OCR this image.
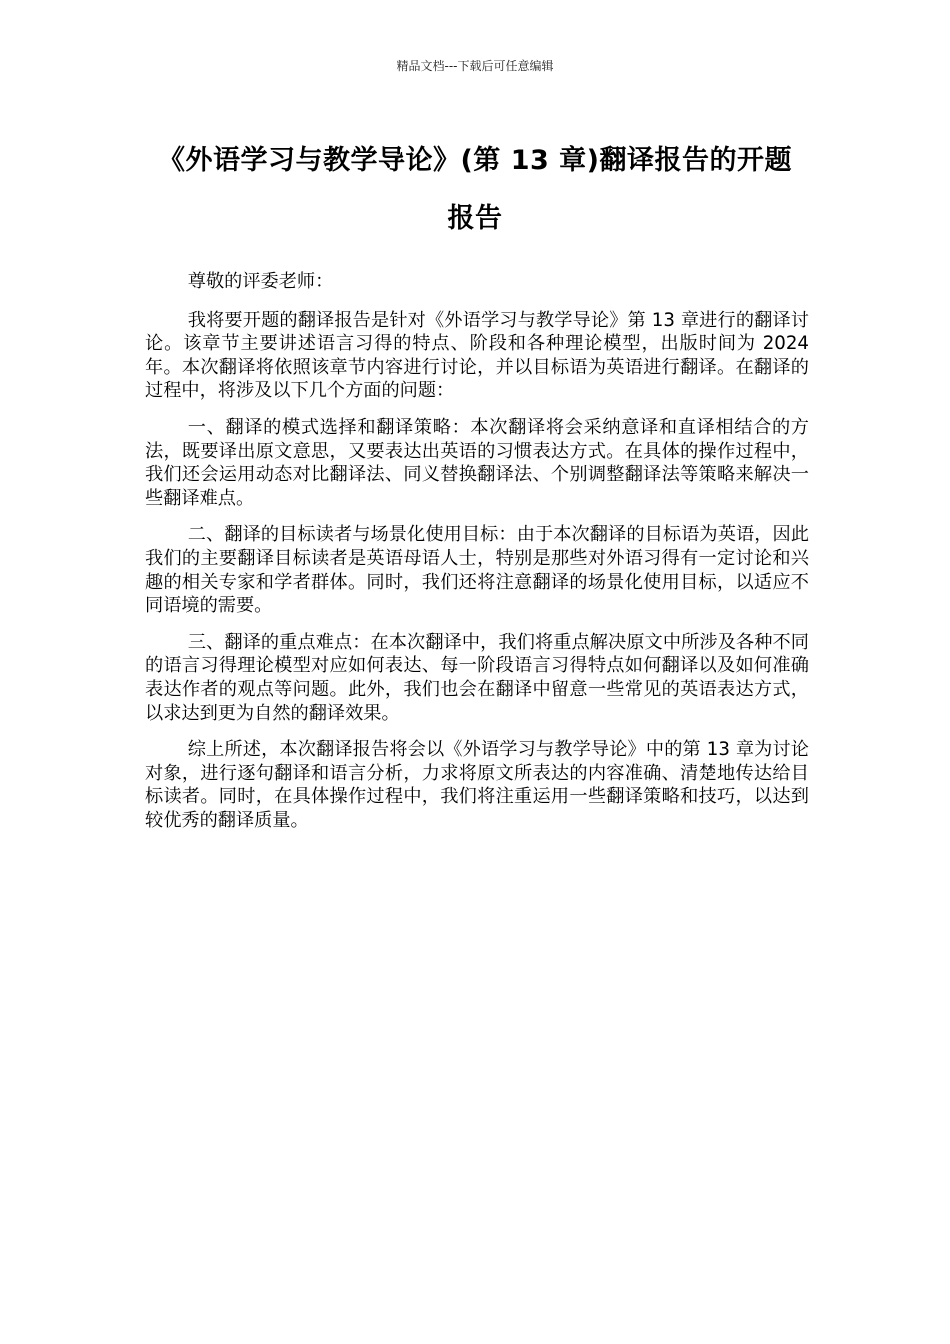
精品文档---下载后可任意编辑
《外语学习与教学导论》(第 13 章)翻译报告的开题报告

尊敬的评委老师：

我将要开题的翻译报告是针对《外语学习与教学导论》第 13 章进行的翻译讨论。该章节主要讲述语言习得的特点、阶段和各种理论模型，出版时间为 2024 年。本次翻译将依照该章节内容进行讨论，并以目标语为英语进行翻译。在翻译的过程中，将涉及以下几个方面的问题：

一、翻译的模式选择和翻译策略：本次翻译将会采纳意译和直译相结合的方法，既要译出原文意思，又要表达出英语的习惯表达方式。在具体的操作过程中，我们还会运用动态对比翻译法、同义替换翻译法、个别调整翻译法等策略来解决一些翻译难点。

二、翻译的目标读者与场景化使用目标：由于本次翻译的目标语为英语，因此我们的主要翻译目标读者是英语母语人士，特别是那些对外语习得有一定讨论和兴趣的相关专家和学者群体。同时，我们还将注意翻译的场景化使用目标，以适应不同语境的需要。

三、翻译的重点难点：在本次翻译中，我们将重点解决原文中所涉及各种不同的语言习得理论模型对应如何表达、每一阶段语言习得特点如何翻译以及如何准确表达作者的观点等问题。此外，我们也会在翻译中留意一些常见的英语表达方式，以求达到更为自然的翻译效果。

综上所述，本次翻译报告将会以《外语学习与教学导论》中的第 13 章为讨论对象，进行逐句翻译和语言分析，力求将原文所表达的内容准确、清楚地传达给目标读者。同时，在具体操作过程中，我们将注重运用一些翻译策略和技巧，以达到较优秀的翻译质量。
